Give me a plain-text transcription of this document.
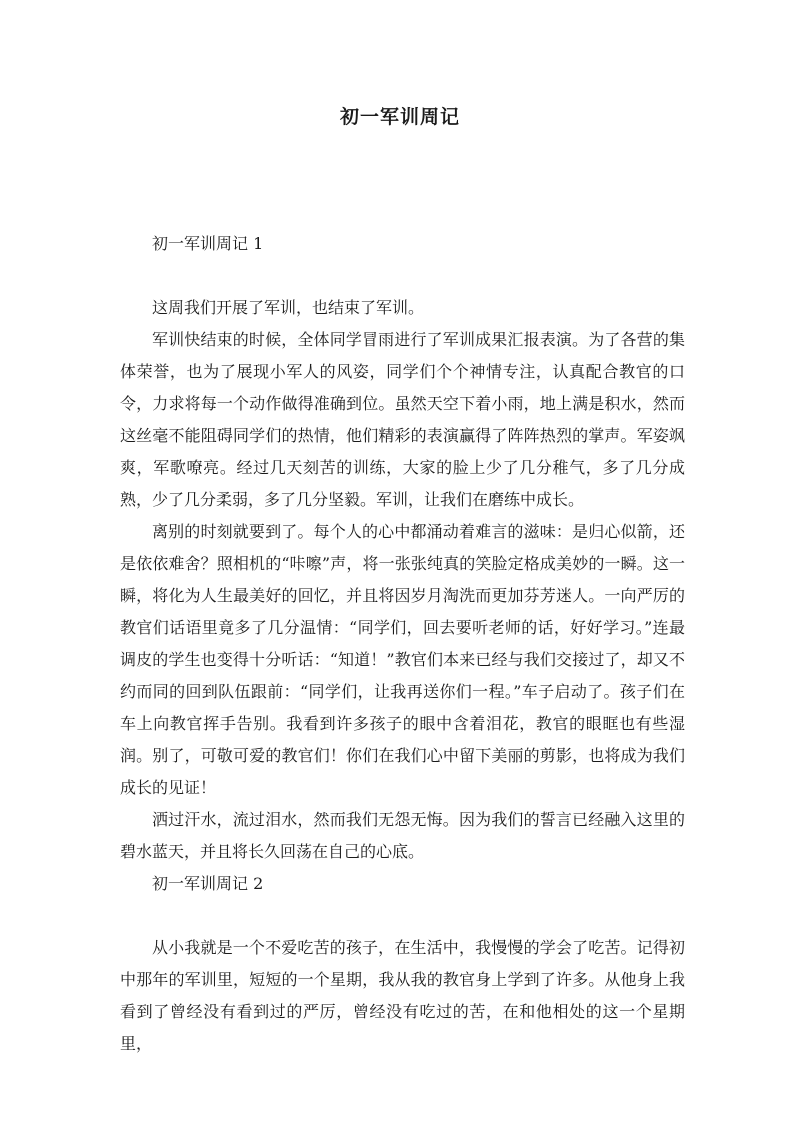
初一军训周记

初一军训周记 1

这周我们开展了军训，也结束了军训。

军训快结束的时候，全体同学冒雨进行了军训成果汇报表演。为了各营的集体荣誉，也为了展现小军人的风姿，同学们个个神情专注，认真配合教官的口令，力求将每一个动作做得准确到位。虽然天空下着小雨，地上满是积水，然而这丝毫不能阻碍同学们的热情，他们精彩的表演赢得了阵阵热烈的掌声。军姿飒爽，军歌嘹亮。经过几天刻苦的训练，大家的脸上少了几分稚气，多了几分成熟，少了几分柔弱，多了几分坚毅。军训，让我们在磨练中成长。

离别的时刻就要到了。每个人的心中都涌动着难言的滋味：是归心似箭，还是依依难舍？照相机的“咔嚓”声，将一张张纯真的笑脸定格成美妙的一瞬。这一瞬，将化为人生最美好的回忆，并且将因岁月淘洗而更加芬芳迷人。一向严厉的教官们话语里竟多了几分温情：“同学们，回去要听老师的话，好好学习。”连最调皮的学生也变得十分听话：“知道！”教官们本来已经与我们交接过了，却又不约而同的回到队伍跟前：“同学们，让我再送你们一程。”车子启动了。孩子们在车上向教官挥手告别。我看到许多孩子的眼中含着泪花，教官的眼眶也有些湿润。别了，可敬可爱的教官们！你们在我们心中留下美丽的剪影，也将成为我们成长的见证！

洒过汗水，流过泪水，然而我们无怨无悔。因为我们的誓言已经融入这里的碧水蓝天，并且将长久回荡在自己的心底。

初一军训周记 2

从小我就是一个不爱吃苦的孩子，在生活中，我慢慢的学会了吃苦。记得初中那年的军训里，短短的一个星期，我从我的教官身上学到了许多。从他身上我看到了曾经没有看到过的严厉，曾经没有吃过的苦，在和他相处的这一个星期里，
